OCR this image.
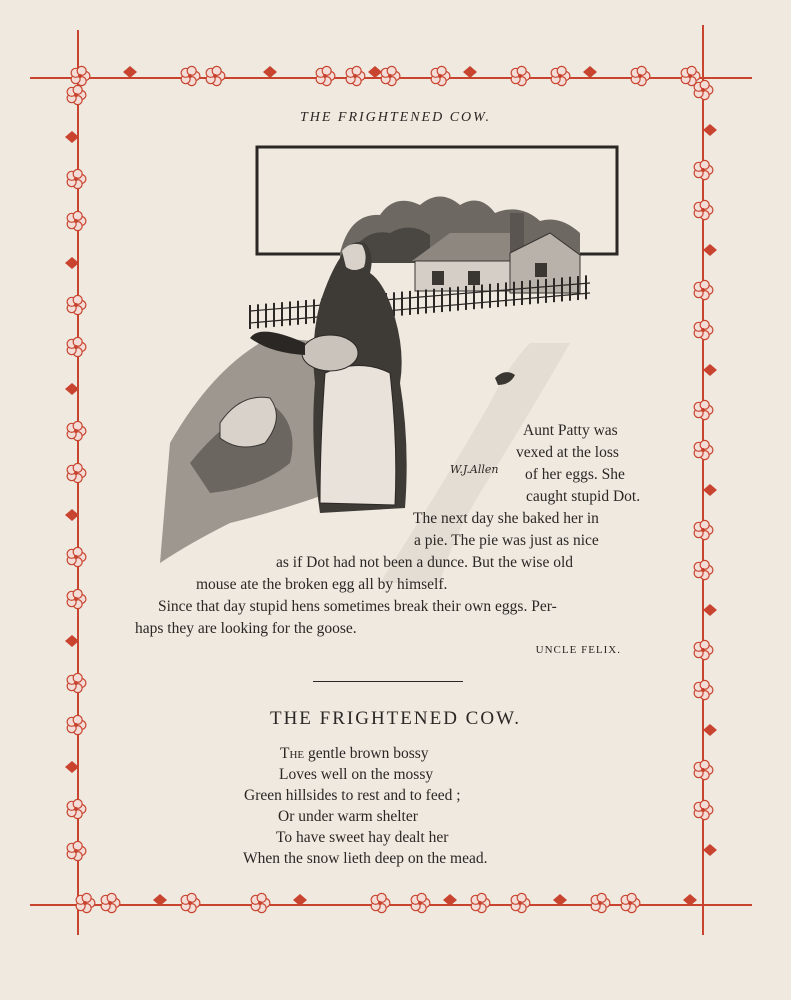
THE FRIGHTENED COW.
W.J.Allen
Aunt Patty was
vexed at the loss
of her eggs. She
caught stupid Dot.
The next day she baked her in
a pie. The pie was just as nice
as if Dot had not been a dunce. But the wise old
mouse ate the broken egg all by himself.
Since that day stupid hens sometimes break their own eggs. Per-
haps they are looking for the goose.
UNCLE FELIX.
THE FRIGHTENED COW.
The gentle brown bossy
Loves well on the mossy
Green hillsides to rest and to feed ;
Or under warm shelter
To have sweet hay dealt her
When the snow lieth deep on the mead.
